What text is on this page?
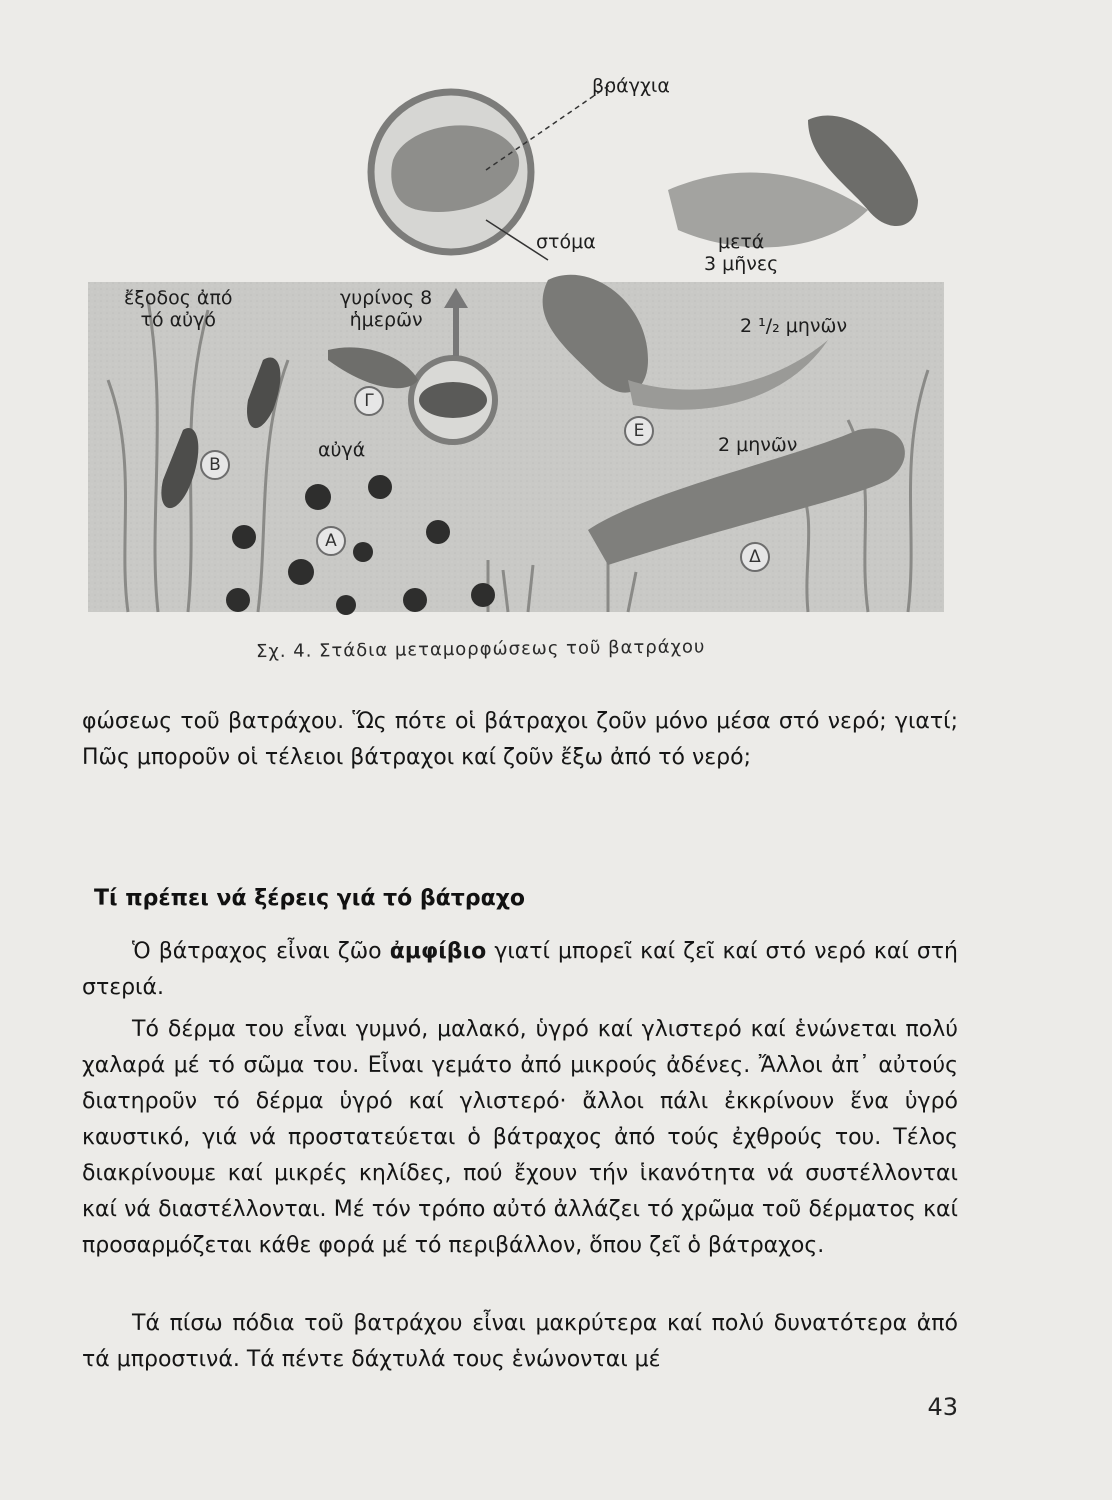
βράγχια
στόμα	μετά
3 μῆνες
ἔξοδος ἀπό
τό αὐγό
γυρίνος 8
ἡμερῶν	2 ¹/₂ μηνῶν
αὐγά	2 μηνῶν
Α
Β
Γ
Δ
Ε
Σχ. 4. Στάδια μεταμορφώσεως τοῦ βατράχου

φώσεως τοῦ βατράχου. Ὥς πότε οἱ βάτραχοι ζοῦν μόνο μέσα στό νερό; γιατί; Πῶς μποροῦν οἱ τέλειοι βάτραχοι καί ζοῦν ἔξω ἀπό τό νερό;

Τί πρέπει νά ξέρεις γιά τό βάτραχο

Ὁ βάτραχος εἶναι ζῶο ἀμφίβιο γιατί μπορεῖ καί ζεῖ καί στό νερό καί στή στεριά.

Τό δέρμα του εἶναι γυμνό, μαλακό, ὑγρό καί γλιστερό καί ἑνώνεται πολύ χαλαρά μέ τό σῶμα του. Εἶναι γεμάτο ἀπό μικρούς ἀδένες. Ἄλλοι ἀπ᾽ αὐτούς διατηροῦν τό δέρμα ὑγρό καί γλιστερό· ἄλλοι πάλι ἐκκρίνουν ἕνα ὑγρό καυστικό, γιά νά προστατεύεται ὁ βάτραχος ἀπό τούς ἐχθρούς του. Τέλος διακρίνουμε καί μικρές κηλίδες, πού ἔχουν τήν ἱκανότητα νά συστέλλονται καί νά διαστέλλονται. Μέ τόν τρόπο αὐτό ἀλλάζει τό χρῶμα τοῦ δέρματος καί προσαρμόζεται κάθε φορά μέ τό περιβάλλον, ὅπου ζεῖ ὁ βάτραχος.

Τά πίσω πόδια τοῦ βατράχου εἶναι μακρύτερα καί πολύ δυνατότερα ἀπό τά μπροστινά. Τά πέντε δάχτυλά τους ἑνώνονται μέ

43
